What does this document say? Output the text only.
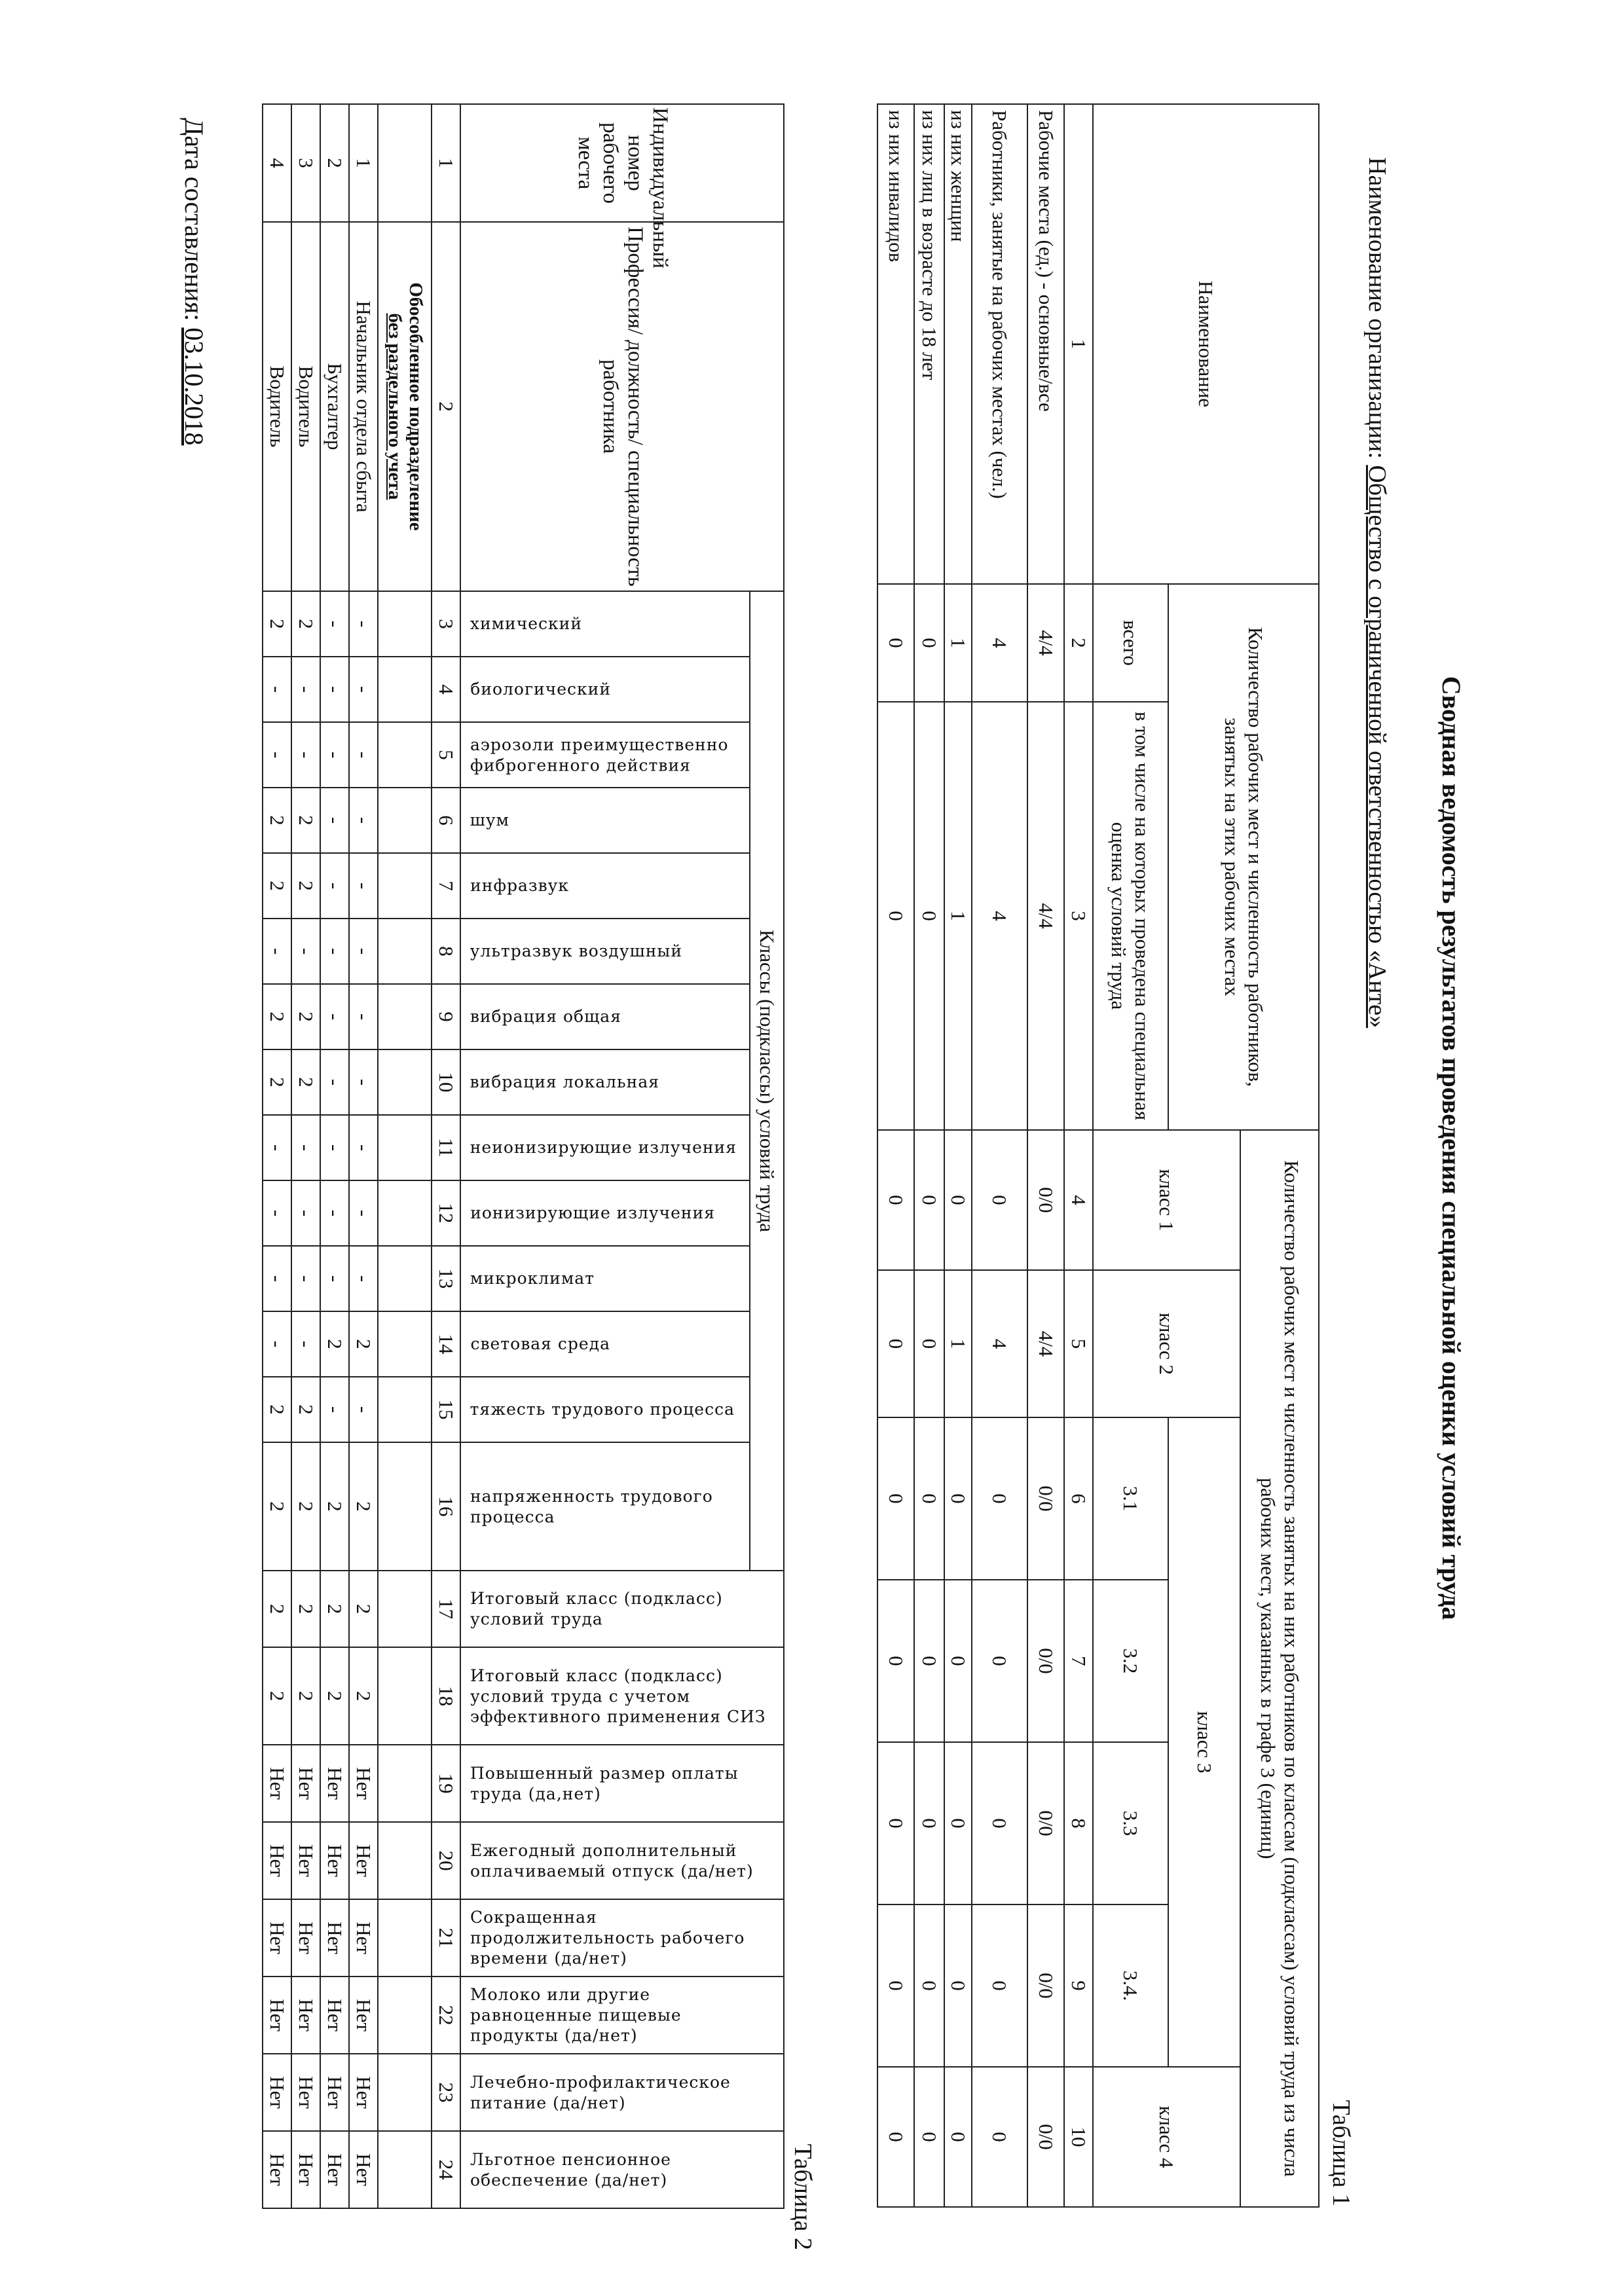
Сводная ведомость результатов проведения специальной оценки условий труда
Наименование организации: Общество с ограниченной ответственностью «Анте»
Таблица 1
Наименование	Количество рабочих мест и численность работников, занятых на этих рабочих местах		Количество рабочих мест и численность занятых на них работников по классам (подклассам) условий труда из числа рабочих мест, указанных в графе 3 (единиц)						
			класс 1	класс 2	класс 3				класс 4
	всего	в том числе на которых проведена специальная оценка условий труда			3.1	3.2	3.3	3.4.	
1	2	3	4	5	6	7	8	9	10
Рабочие места (ед.) - основные/все	4/4	4/4	0/0	4/4	0/0	0/0	0/0	0/0	0/0
Работники, занятые на рабочих местах (чел.)	4	4	0	4	0	0	0	0	0
из них женщин	1	1	0	1	0	0	0	0	0
из них лиц в возрасте до 18 лет	0	0	0	0	0	0	0	0	0
из них инвалидов	0	0	0	0	0	0	0	0	0
Таблица 2
Индивидуальный номер рабочего места	Профессия/ должность/ специальность работника	Классы (подклассы) условий труда														Итоговый класс (подкласс) условий труда	Итоговый класс (подкласс) условий труда с учетом эффективного применения СИЗ	Повышенный размер оплаты труда (да,нет)	Ежегодный дополнительный оплачиваемый отпуск (да/нет)	Сокращенная продолжительность рабочего времени (да/нет)	Молоко или другие равноценные пищевые продукты (да/нет)	Лечебно-профилактическое питание (да/нет)	Льготное пенсионное обеспечение (да/нет)
		химический	биологический	аэрозоли преимущественно фиброгенного действия	шум	инфразвук	ультразвук воздушный	вибрация общая	вибрация локальная	неионизирующие излучения	ионизирующие излучения	микроклимат	световая среда	тяжесть трудового процесса	напряженность трудового процесса								
1	2	3	4	5	6	7	8	9	10	11	12	13	14	15	16	17	18	19	20	21	22	23	24
	Обособленное подразделение
без раздельного учета																						
1	Начальник отдела сбыта	-	-	-	-	-	-	-	-	-	-	-	2	-	2	2	2	Нет	Нет	Нет	Нет	Нет	Нет
2	Бухгалтер	-	-	-	-	-	-	-	-	-	-	-	2	-	2	2	2	Нет	Нет	Нет	Нет	Нет	Нет
3	Водитель	2	-	-	2	2	-	2	2	-	-	-	-	2	2	2	2	Нет	Нет	Нет	Нет	Нет	Нет
4	Водитель	2	-	-	2	2	-	2	2	-	-	-	-	2	2	2	2	Нет	Нет	Нет	Нет	Нет	Нет
Дата составления: 03.10.2018
